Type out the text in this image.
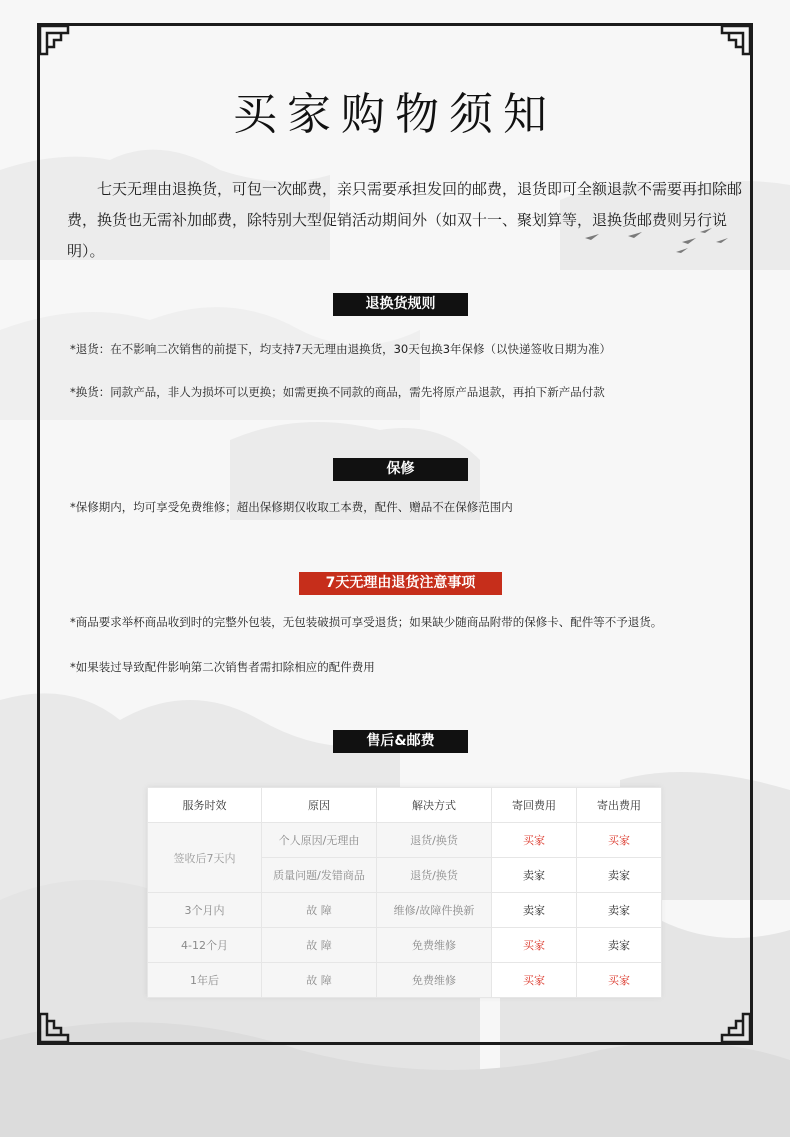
买家购物须知
七天无理由退换货，可包一次邮费，亲只需要承担发回的邮费，退货即可全额退款不需要再扣除邮费，换货也无需补加邮费，除特别大型促销活动期间外（如双十一、聚划算等，退换货邮费则另行说明）。
退换货规则
*退货：在不影响二次销售的前提下，均支持7天无理由退换货，30天包换3年保修（以快递签收日期为准）
*换货：同款产品，非人为损坏可以更换；如需更换不同款的商品，需先将原产品退款，再拍下新产品付款
保修
*保修期内，均可享受免费维修；超出保修期仅收取工本费，配件、赠品不在保修范围内
7天无理由退货注意事项
*商品要求举杯商品收到时的完整外包装，无包装破损可享受退货；如果缺少随商品附带的保修卡、配件等不予退货。
*如果装过导致配件影响第二次销售者需扣除相应的配件费用
售后&邮费
服务时效	原因	解决方式	寄回费用	寄出费用
签收后7天内	个人原因/无理由	退货/换货	买家	买家
	质量问题/发错商品	退货/换货	卖家	卖家
3个月内	故 障	维修/故障件换新	卖家	卖家
4-12个月	故 障	免费维修	买家	卖家
1年后	故 障	免费维修	买家	买家
